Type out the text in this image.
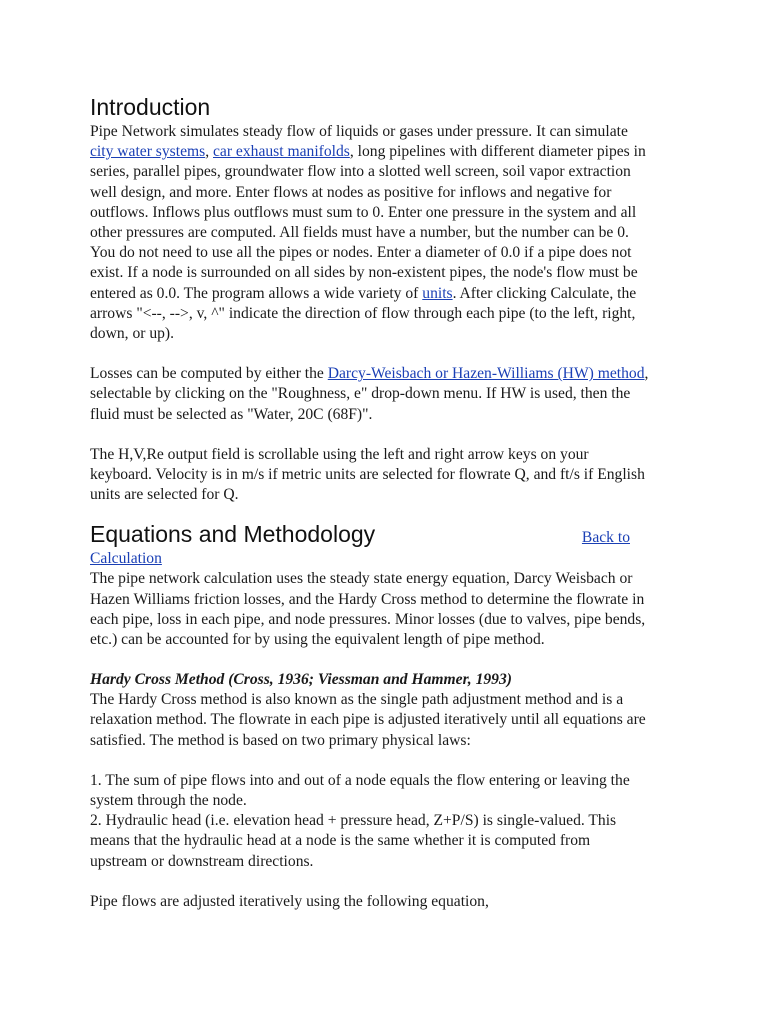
Introduction

Pipe Network simulates steady flow of liquids or gases under pressure. It can simulate city water systems, car exhaust manifolds, long pipelines with different diameter pipes in series, parallel pipes, groundwater flow into a slotted well screen, soil vapor extraction well design, and more. Enter flows at nodes as positive for inflows and negative for outflows. Inflows plus outflows must sum to 0. Enter one pressure in the system and all other pressures are computed. All fields must have a number, but the number can be 0. You do not need to use all the pipes or nodes. Enter a diameter of 0.0 if a pipe does not exist. If a node is surrounded on all sides by non-existent pipes, the node's flow must be entered as 0.0. The program allows a wide variety of units. After clicking Calculate, the arrows "<--, -->, v, ^" indicate the direction of flow through each pipe (to the left, right, down, or up).

Losses can be computed by either the Darcy-Weisbach or Hazen-Williams (HW) method, selectable by clicking on the "Roughness, e" drop-down menu. If HW is used, then the fluid must be selected as "Water, 20C (68F)".

The H,V,Re output field is scrollable using the left and right arrow keys on your keyboard. Velocity is in m/s if metric units are selected for flowrate Q, and ft/s if English units are selected for Q.

Equations and Methodology	Back to
Calculation

The pipe network calculation uses the steady state energy equation, Darcy Weisbach or Hazen Williams friction losses, and the Hardy Cross method to determine the flowrate in each pipe, loss in each pipe, and node pressures. Minor losses (due to valves, pipe bends, etc.) can be accounted for by using the equivalent length of pipe method.

Hardy Cross Method (Cross, 1936; Viessman and Hammer, 1993)

The Hardy Cross method is also known as the single path adjustment method and is a relaxation method. The flowrate in each pipe is adjusted iteratively until all equations are satisfied. The method is based on two primary physical laws:

1. The sum of pipe flows into and out of a node equals the flow entering or leaving the system through the node.

2. Hydraulic head (i.e. elevation head + pressure head, Z+P/S) is single-valued. This means that the hydraulic head at a node is the same whether it is computed from upstream or downstream directions.

Pipe flows are adjusted iteratively using the following equation,
